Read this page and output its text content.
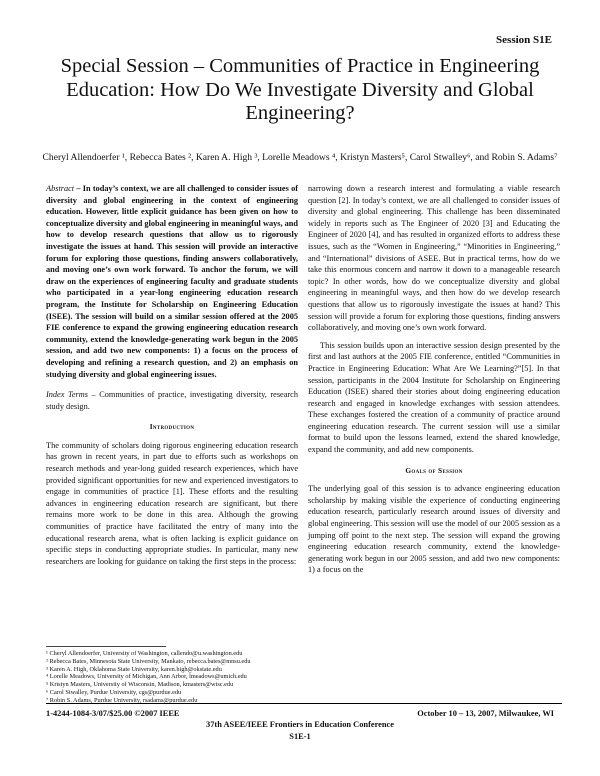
Session S1E
Special Session – Communities of Practice in Engineering Education: How Do We Investigate Diversity and Global Engineering?
Cheryl Allendoerfer ¹, Rebecca Bates ², Karen A. High ³, Lorelle Meadows ⁴, Kristyn Masters⁵, Carol Stwalley⁶, and Robin S. Adams⁷

Abstract – In today’s context, we are all challenged to consider issues of diversity and global engineering in the context of engineering education. However, little explicit guidance has been given on how to conceptualize diversity and global engineering in meaningful ways, and how to develop research questions that allow us to rigorously investigate the issues at hand. This session will provide an interactive forum for exploring those questions, finding answers collaboratively, and moving one’s own work forward. To anchor the forum, we will draw on the experiences of engineering faculty and graduate students who participated in a year-long engineering education research program, the Institute for Scholarship on Engineering Education (ISEE). The session will build on a similar session offered at the 2005 FIE conference to expand the growing engineering education research community, extend the knowledge-generating work begun in the 2005 session, and add two new components: 1) a focus on the process of developing and refining a research question, and 2) an emphasis on studying diversity and global engineering issues.

Index Terms – Communities of practice, investigating diversity, research study design.

Introduction

The community of scholars doing rigorous engineering education research has grown in recent years, in part due to efforts such as workshops on research methods and year-long guided research experiences, which have provided significant opportunities for new and experienced investigators to engage in communities of practice [1]. These efforts and the resulting advances in engineering education research are significant, but there remains more work to be done in this area. Although the growing communities of practice have facilitated the entry of many into the educational research arena, what is often lacking is explicit guidance on specific steps in conducting appropriate studies. In particular, many new researchers are looking for guidance on taking the first steps in the process:

narrowing down a research interest and formulating a viable research question [2]. In today’s context, we are all challenged to consider issues of diversity and global engineering. This challenge has been disseminated widely in reports such as The Engineer of 2020 [3] and Educating the Engineer of 2020 [4], and has resulted in organized efforts to address these issues, such as the “Women in Engineering,” “Minorities in Engineering,” and “International” divisions of ASEE. But in practical terms, how do we take this enormous concern and narrow it down to a manageable research topic? In other words, how do we conceptualize diversity and global engineering in meaningful ways, and then how do we develop research questions that allow us to rigorously investigate the issues at hand? This session will provide a forum for exploring those questions, finding answers collaboratively, and moving one’s own work forward.

This session builds upon an interactive session design presented by the first and last authors at the 2005 FIE conference, entitled “Communities in Practice in Engineering Education: What Are We Learning?”[5]. In that session, participants in the 2004 Institute for Scholarship on Engineering Education (ISEE) shared their stories about doing engineering education research and engaged in knowledge exchanges with session attendees. These exchanges fostered the creation of a community of practice around engineering education research. The current session will use a similar format to build upon the lessons learned, extend the shared knowledge, expand the community, and add new components.

Goals of Session

The underlying goal of this session is to advance engineering education scholarship by making visible the experience of conducting engineering education research, particularly research around issues of diversity and global engineering. This session will use the model of our 2005 session as a jumping off point to the next step. The session will expand the growing engineering education research community, extend the knowledge-generating work begun in our 2005 session, and add two new components: 1) a focus on the

¹ Cheryl Allendoerfer, University of Washington, callendo@u.washington.edu
² Rebecca Bates, Minnesota State University, Mankato, rebecca.bates@mnsu.edu
³ Karen A. High, Oklahoma State University, karen.high@okstate.edu
⁴ Lorelle Meadows, University of Michigan, Ann Arbor, lmeadows@umich.edu
⁵ Kristyn Masters, University of Wisconsin, Madison, kmasters@wisc.edu
⁶ Carol Stwalley, Purdue University, cgs@purdue.edu
⁷ Robin S. Adams, Purdue University, rsadams@purdue.edu
1-4244-1084-3/07/$25.00 ©2007 IEEE	October 10 – 13, 2007, Milwaukee, WI
37th ASEE/IEEE Frontiers in Education Conference
S1E-1
